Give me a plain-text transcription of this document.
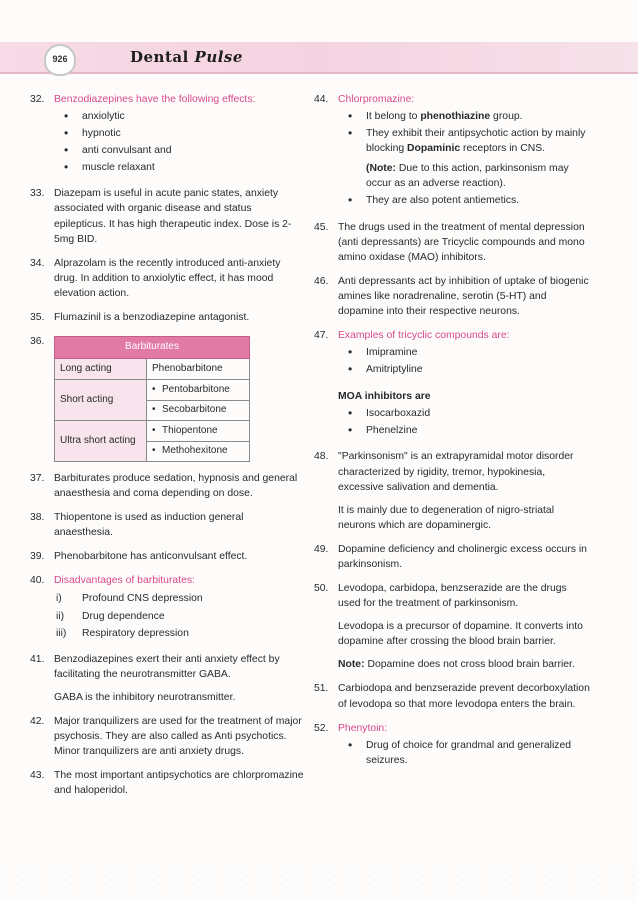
926	Dental Pulse
32. Benzodiazepines have the following effects:
• anxiolytic
• hypnotic
• anti convulsant and
• muscle relaxant
33. Diazepam is useful in acute panic states, anxiety associated with organic disease and status epilepticus. It has high therapeutic index. Dose is 2-5mg BID.
34. Alprazolam is the recently introduced anti-anxiety drug. In addition to anxiolytic effect, it has mood elevation action.
35. Flumazinil is a benzodiazepine antagonist.
36.	Barbiturates	
Long acting	Phenobarbitone
Short acting	• Pentobarbitone
• Secobarbitone

Ultra short acting	• Thiopentone
• Methohexitone
37. Barbiturates produce sedation, hypnosis and general anaesthesia and coma depending on dose.
38. Thiopentone is used as induction general anaesthesia.
39. Phenobarbitone has anticonvulsant effect.
40. Disadvantages of barbiturates:
i)	Profound CNS depression
ii)	Drug dependence
iii)	Respiratory depression
41. Benzodiazepines exert their anti anxiety effect by facilitating the neurotransmitter GABA.
GABA is the inhibitory neurotransmitter.
42. Major tranquilizers are used for the treatment of major psychosis. They are also called as Anti psychotics. Minor tranquilizers are anti anxiety drugs.
43. The most important antipsychotics are chlorpromazine and haloperidol.
44. Chlorpromazine:
• It belong to phenothiazine group.
• They exhibit their antipsychotic action by mainly blocking Dopaminic receptors in CNS.
(Note: Due to this action, parkinsonism may occur as an adverse reaction).
• They are also potent antiemetics.
45. The drugs used in the treatment of mental depression (anti depressants) are Tricyclic compounds and mono amino oxidase (MAO) inhibitors.
46. Anti depressants act by inhibition of uptake of biogenic amines like noradrenaline, serotin (5-HT) and dopamine into their respective neurons.
47. Examples of tricyclic compounds are:
• Imipramine
• Amitriptyline
MOA inhibitors are
• Isocarboxazid
• Phenelzine
48. "Parkinsonism" is an extrapyramidal motor disorder characterized by rigidity, tremor, hypokinesia, excessive salivation and dementia.
It is mainly due to degeneration of nigro-striatal neurons which are dopaminergic.
49. Dopamine deficiency and cholinergic excess occurs in parkinsonism.
50. Levodopa, carbidopa, benzserazide are the drugs used for the treatment of parkinsonism.
Levodopa is a precursor of dopamine. It converts into dopamine after crossing the blood brain barrier.
Note: Dopamine does not cross blood brain barrier.
51. Carbiodopa and benzserazide prevent decorboxylation of levodopa so that more levodopa enters the brain.
52. Phenytoin:
• Drug of choice for grandmal and generalized seizures.
